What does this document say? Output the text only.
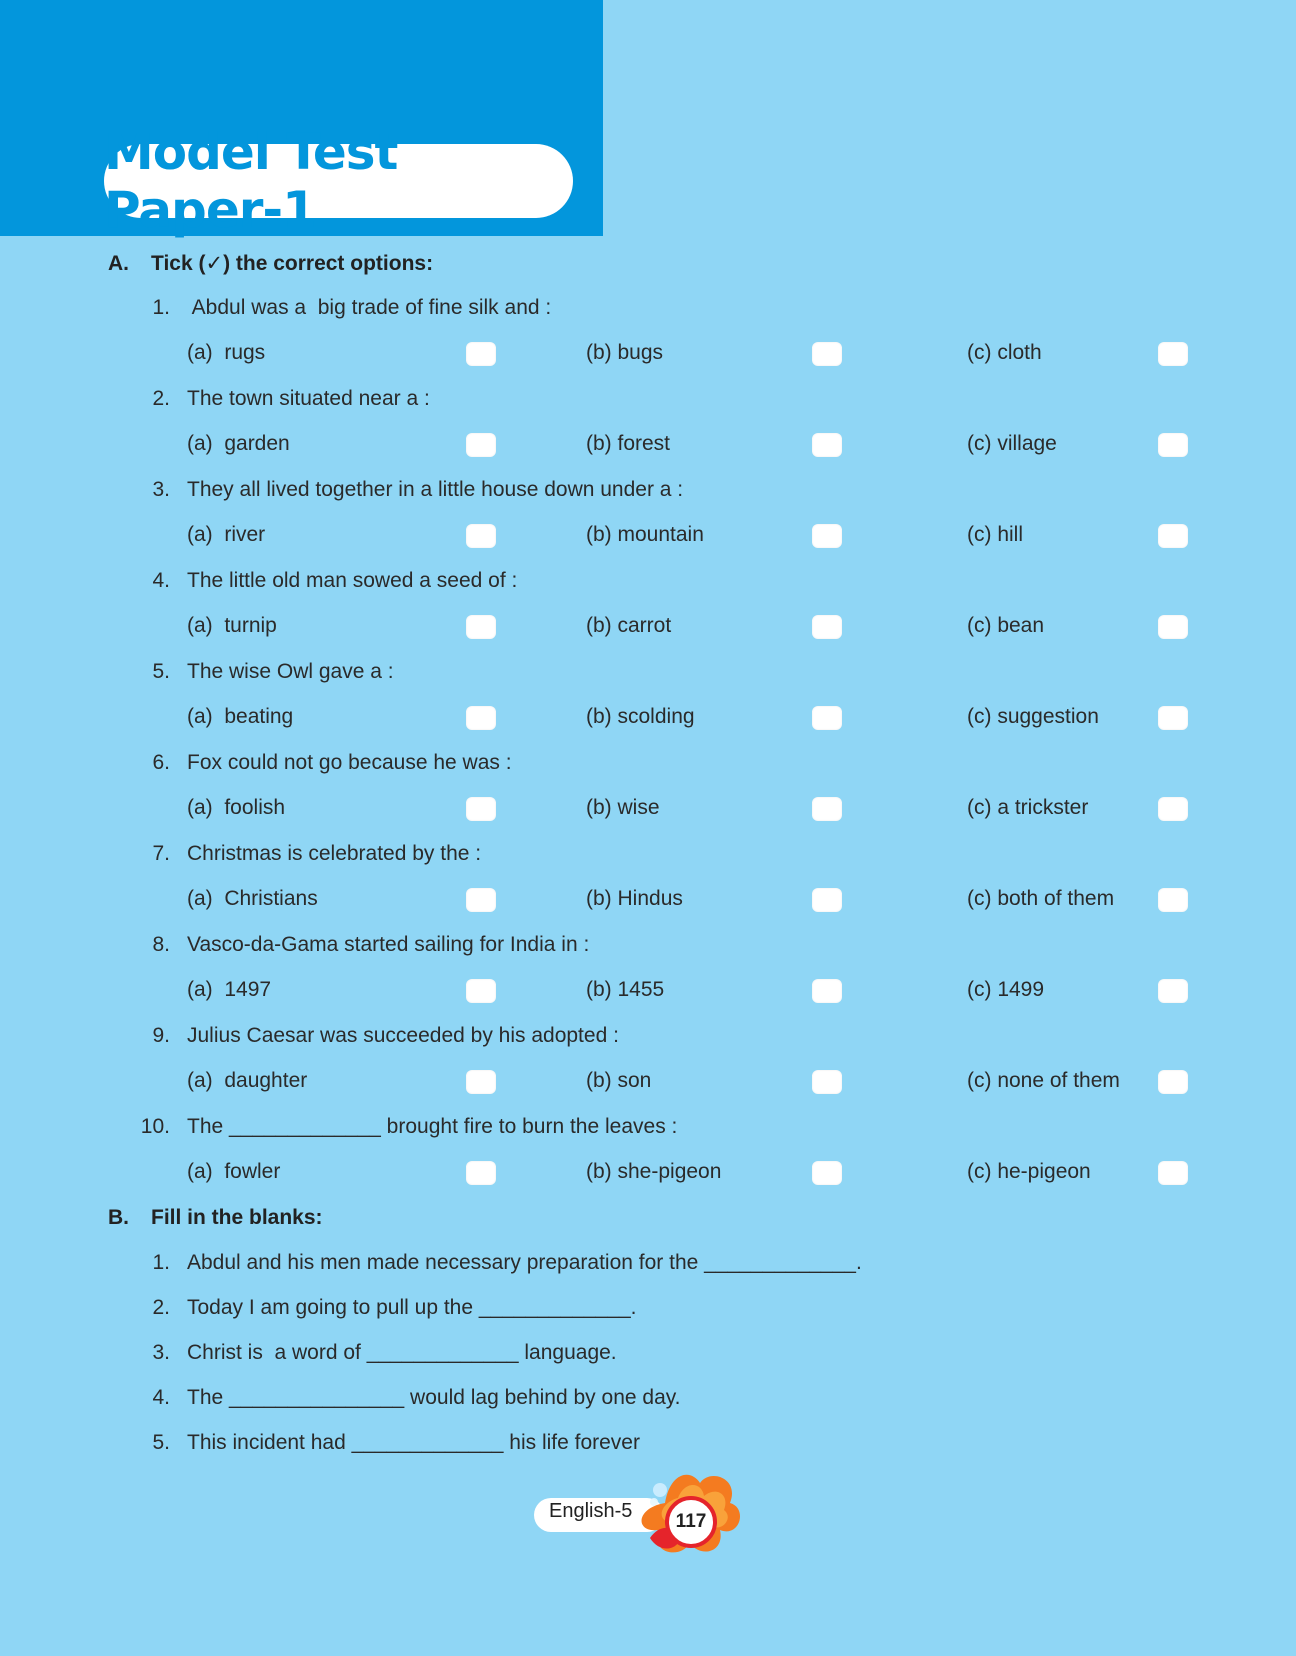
Model Test Paper-1
A. Tick (✓) the correct options:
1. Abdul was a  big trade of fine silk and :
(a)  rugs	(b) bugs	(c) cloth
2. The town situated near a :
(a)  garden	(b) forest	(c) village
3. They all lived together in a little house down under a :
(a)  river	(b) mountain	(c) hill
4. The little old man sowed a seed of :
(a)  turnip	(b) carrot	(c) bean
5. The wise Owl gave a :
(a)  beating	(b) scolding	(c) suggestion
6. Fox could not go because he was :
(a)  foolish	(b) wise	(c) a trickster
7. Christmas is celebrated by the :
(a)  Christians	(b) Hindus	(c) both of them
8. Vasco-da-Gama started sailing for India in :
(a)  1497	(b) 1455	(c) 1499
9. Julius Caesar was succeeded by his adopted :
(a)  daughter	(b) son	(c) none of them
10. The _____________ brought fire to burn the leaves :
(a)  fowler	(b) she-pigeon	(c) he-pigeon
B. Fill in the blanks:
1. Abdul and his men made necessary preparation for the _____________.
2. Today I am going to pull up the _____________.
3. Christ is  a word of _____________ language.
4. The _______________ would lag behind by one day.
5. This incident had _____________ his life forever
English-5 117
